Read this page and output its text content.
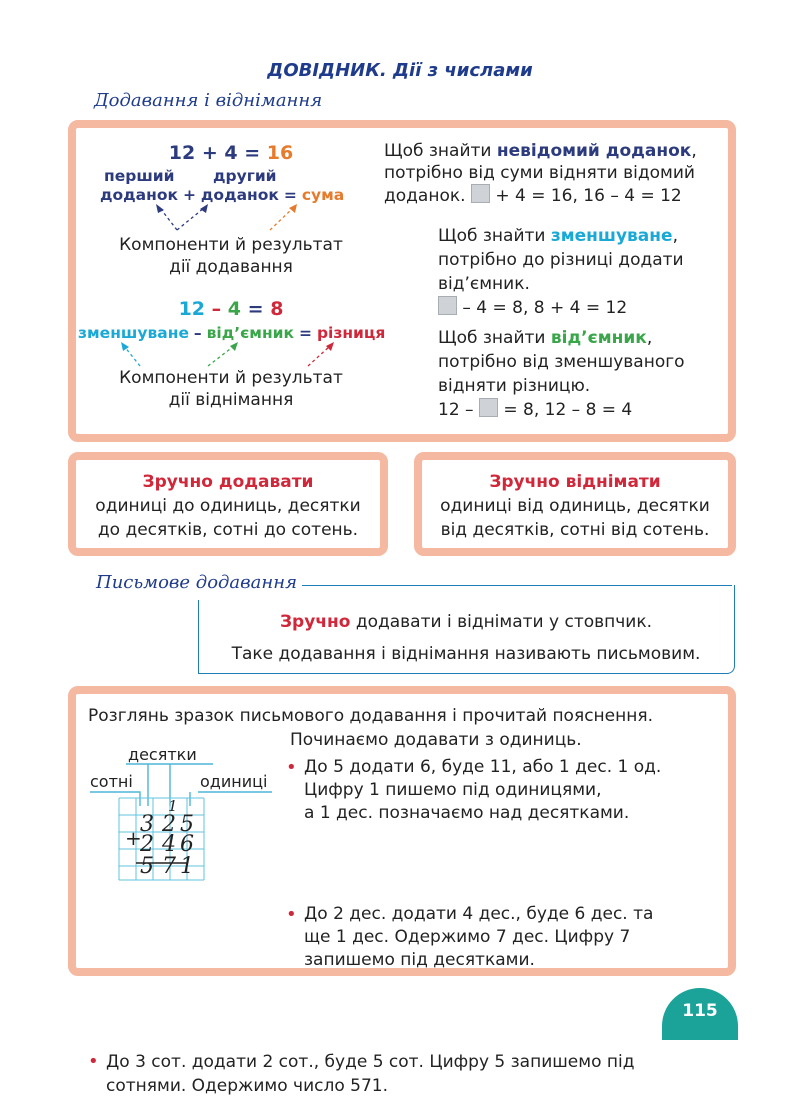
ДОВІДНИК. Дії з числами
Додавання і віднімання
12 + 4 = 16
перший другий
доданок + доданок = сума
Компоненти й результат
дії додавання
12 – 4 = 8
зменшуване – від’ємник = різниця
Компоненти й результат
дії віднімання
Щоб знайти невідомий доданок,
потрібно від суми відняти відомий
доданок.  + 4 = 16, 16 – 4 = 12
Щоб знайти зменшуване,
потрібно до різниці додати
від’ємник.
– 4 = 8, 8 + 4 = 12
Щоб знайти від’ємник,
потрібно від зменшуваного
відняти різницю.
12 –  = 8, 12 – 8 = 4
Зручно додавати
одиниці до одиниць, десятки
до десятків, сотні до сотень.
Зручно віднімати
одиниці від одиниць, десятки
від десятків, сотні від сотень.
Письмове додавання
Зручно додавати і віднімати у стовпчик.
Таке додавання і віднімання називають письмовим.
Розглянь зразок письмового додавання і прочитай пояснення.
Починаємо додавати з одиниць.
десятки
сотні	одиниці
1
+
3 2 5
2 4 6
5 7 1
• До 5 додати 6, буде 11, або 1 дес. 1 од.
Цифру 1 пишемо під одиницями,
а 1 дес. позначаємо над десятками.
• До 2 дес. додати 4 дес., буде 6 дес. та
ще 1 дес. Одержимо 7 дес. Цифру 7
запишемо під десятками.
• До 3 сот. додати 2 сот., буде 5 сот. Цифру 5 запишемо під
сотнями. Одержимо число 571.
115
